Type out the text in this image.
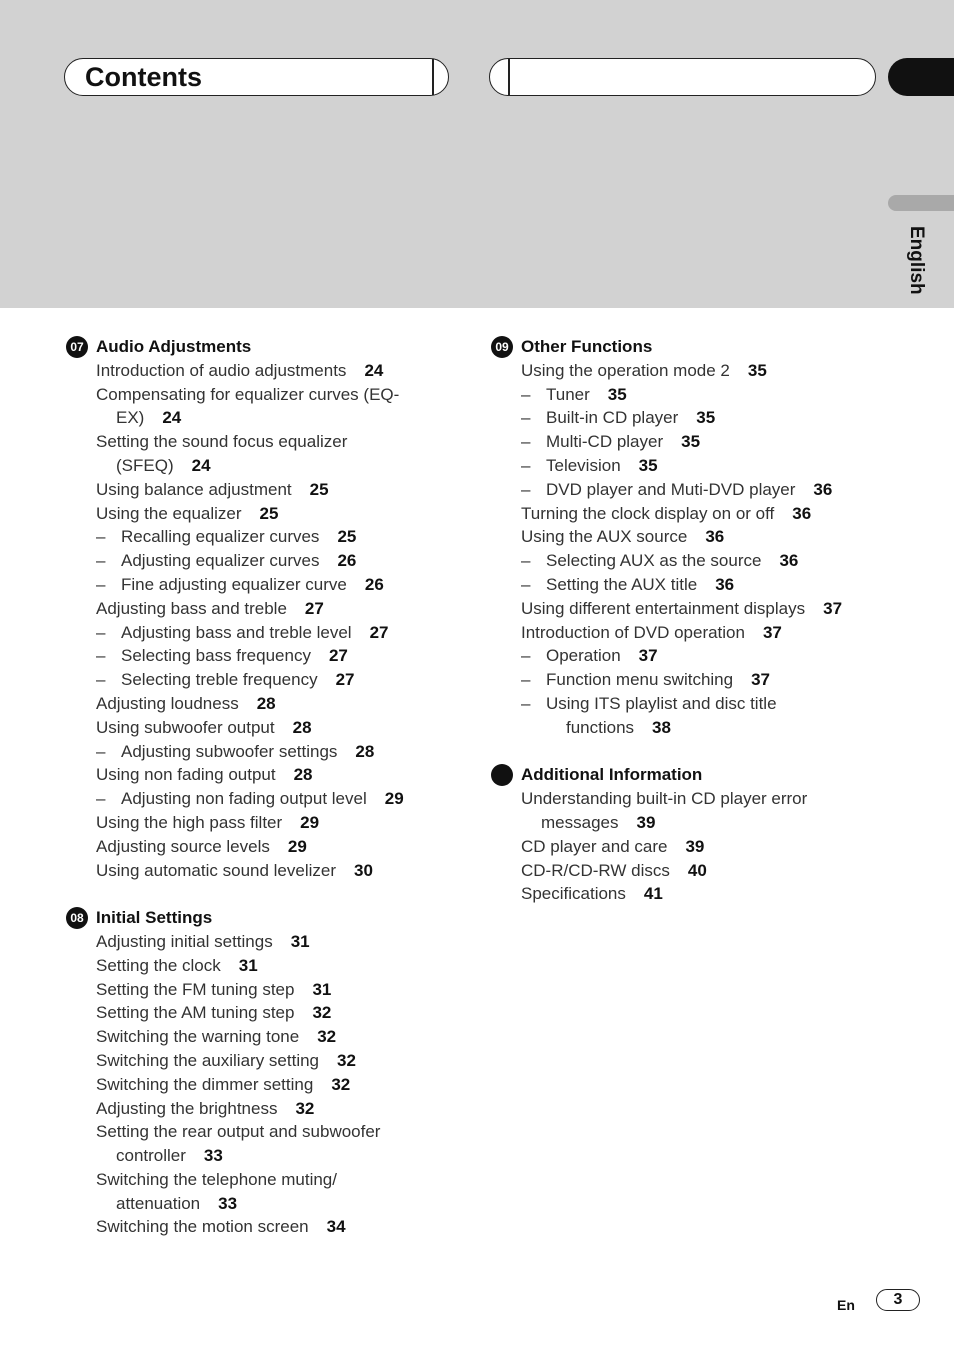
Contents
English
07 Audio Adjustments
Introduction of audio adjustments 24
Compensating for equalizer curves (EQ-
EX) 24
Setting the sound focus equalizer
(SFEQ) 24
Using balance adjustment 25
Using the equalizer 25
– Recalling equalizer curves 25
– Adjusting equalizer curves 26
– Fine adjusting equalizer curve 26
Adjusting bass and treble 27
– Adjusting bass and treble level 27
– Selecting bass frequency 27
– Selecting treble frequency 27
Adjusting loudness 28
Using subwoofer output 28
– Adjusting subwoofer settings 28
Using non fading output 28
– Adjusting non fading output level 29
Using the high pass filter 29
Adjusting source levels 29
Using automatic sound levelizer 30
08 Initial Settings
Adjusting initial settings 31
Setting the clock 31
Setting the FM tuning step 31
Setting the AM tuning step 32
Switching the warning tone 32
Switching the auxiliary setting 32
Switching the dimmer setting 32
Adjusting the brightness 32
Setting the rear output and subwoofer
controller 33
Switching the telephone muting/
attenuation 33
Switching the motion screen 34
09 Other Functions
Using the operation mode 2 35
– Tuner 35
– Built-in CD player 35
– Multi-CD player 35
– Television 35
– DVD player and Muti-DVD player 36
Turning the clock display on or off 36
Using the AUX source 36
– Selecting AUX as the source 36
– Setting the AUX title 36
Using different entertainment displays 37
Introduction of DVD operation 37
– Operation 37
– Function menu switching 37
– Using ITS playlist and disc title
functions 38
Additional Information
Understanding built-in CD player error
messages 39
CD player and care 39
CD-R/CD-RW discs 40
Specifications 41
En	3
